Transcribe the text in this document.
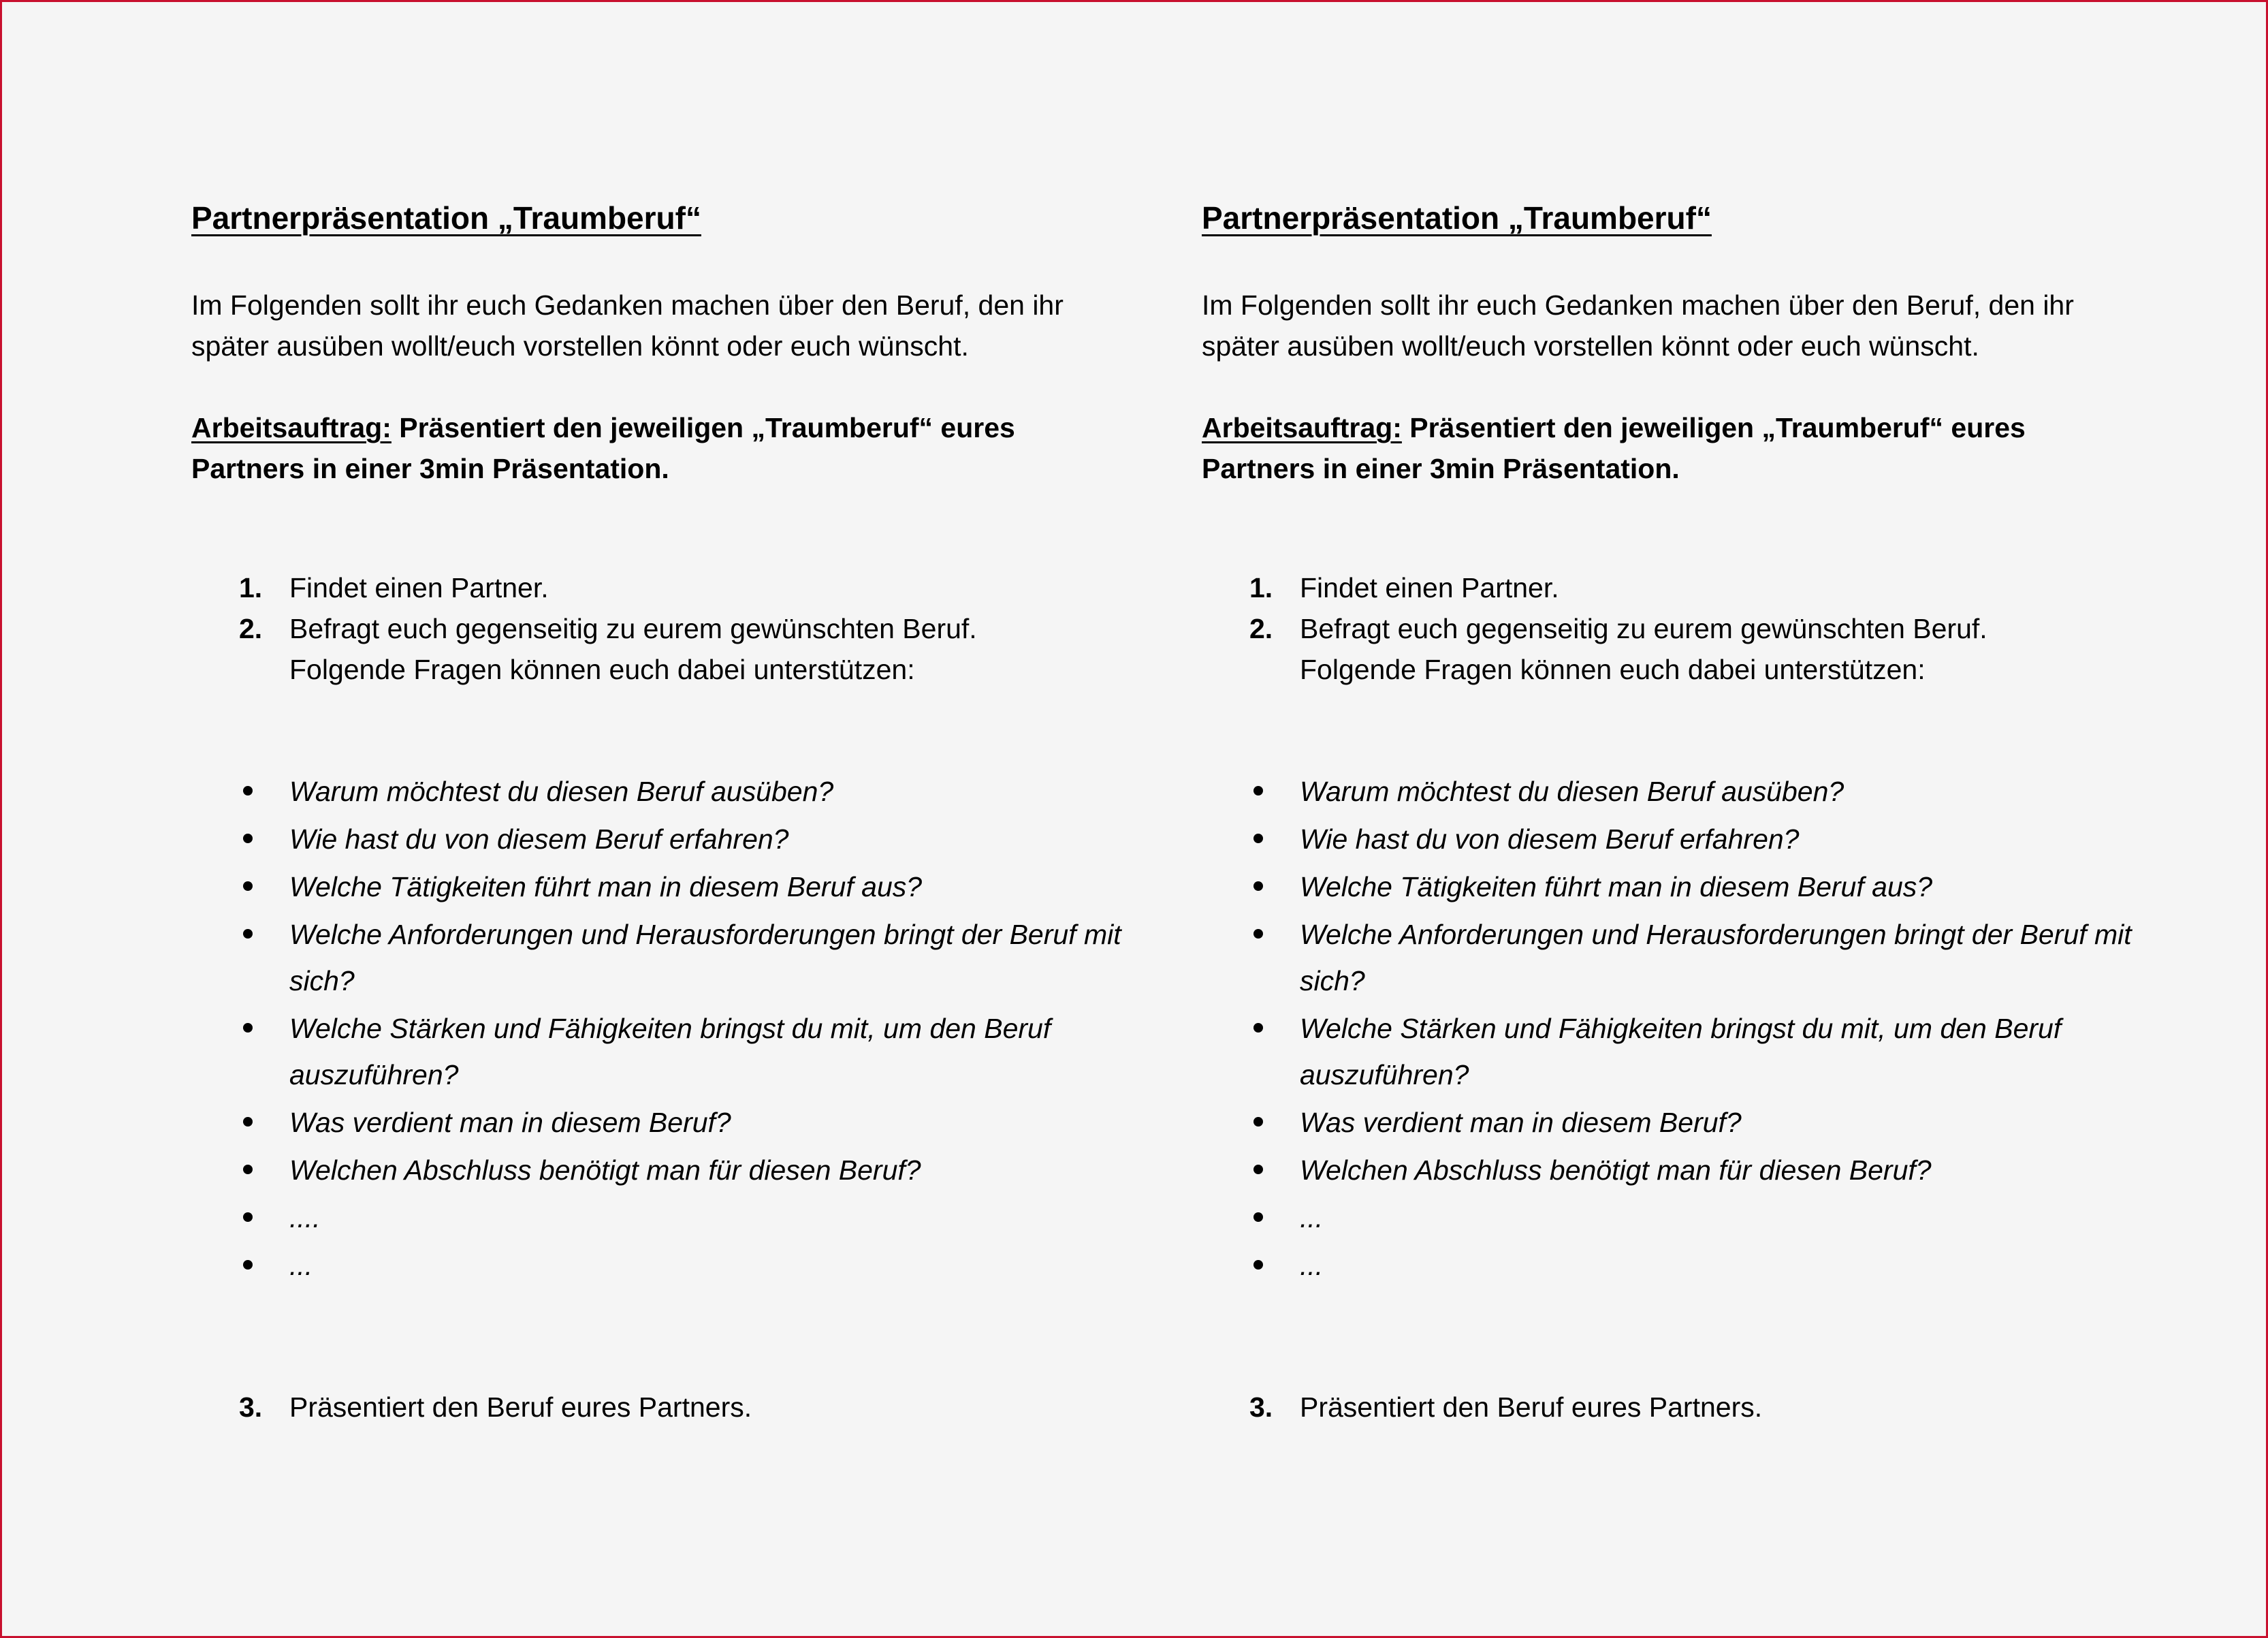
Partnerpräsentation „Traumberuf“

Im Folgenden sollt ihr euch Gedanken machen über den Beruf, den ihr später ausüben wollt/euch vorstellen könnt oder euch wünscht.

Arbeitsauftrag: Präsentiert den jeweiligen „Traumberuf“ eures Partners in einer 3min Präsentation.

1. Findet einen Partner.
2. Befragt euch gegenseitig zu eurem gewünschten Beruf.
Folgende Fragen können euch dabei unterstützen:
Warum möchtest du diesen Beruf ausüben?
Wie hast du von diesem Beruf erfahren?
Welche Tätigkeiten führt man in diesem Beruf aus?
Welche Anforderungen und Herausforderungen bringt der Beruf mit sich?
Welche Stärken und Fähigkeiten bringst du mit, um den Beruf auszuführen?
Was verdient man in diesem Beruf?
Welchen Abschluss benötigt man für diesen Beruf?
....
...
3. Präsentiert den Beruf eures Partners.
Partnerpräsentation „Traumberuf“

Im Folgenden sollt ihr euch Gedanken machen über den Beruf, den ihr später ausüben wollt/euch vorstellen könnt oder euch wünscht.

Arbeitsauftrag: Präsentiert den jeweiligen „Traumberuf“ eures Partners in einer 3min Präsentation.

1. Findet einen Partner.
2. Befragt euch gegenseitig zu eurem gewünschten Beruf.
Folgende Fragen können euch dabei unterstützen:
Warum möchtest du diesen Beruf ausüben?
Wie hast du von diesem Beruf erfahren?
Welche Tätigkeiten führt man in diesem Beruf aus?
Welche Anforderungen und Herausforderungen bringt der Beruf mit sich?
Welche Stärken und Fähigkeiten bringst du mit, um den Beruf auszuführen?
Was verdient man in diesem Beruf?
Welchen Abschluss benötigt man für diesen Beruf?
...
...
3. Präsentiert den Beruf eures Partners.
